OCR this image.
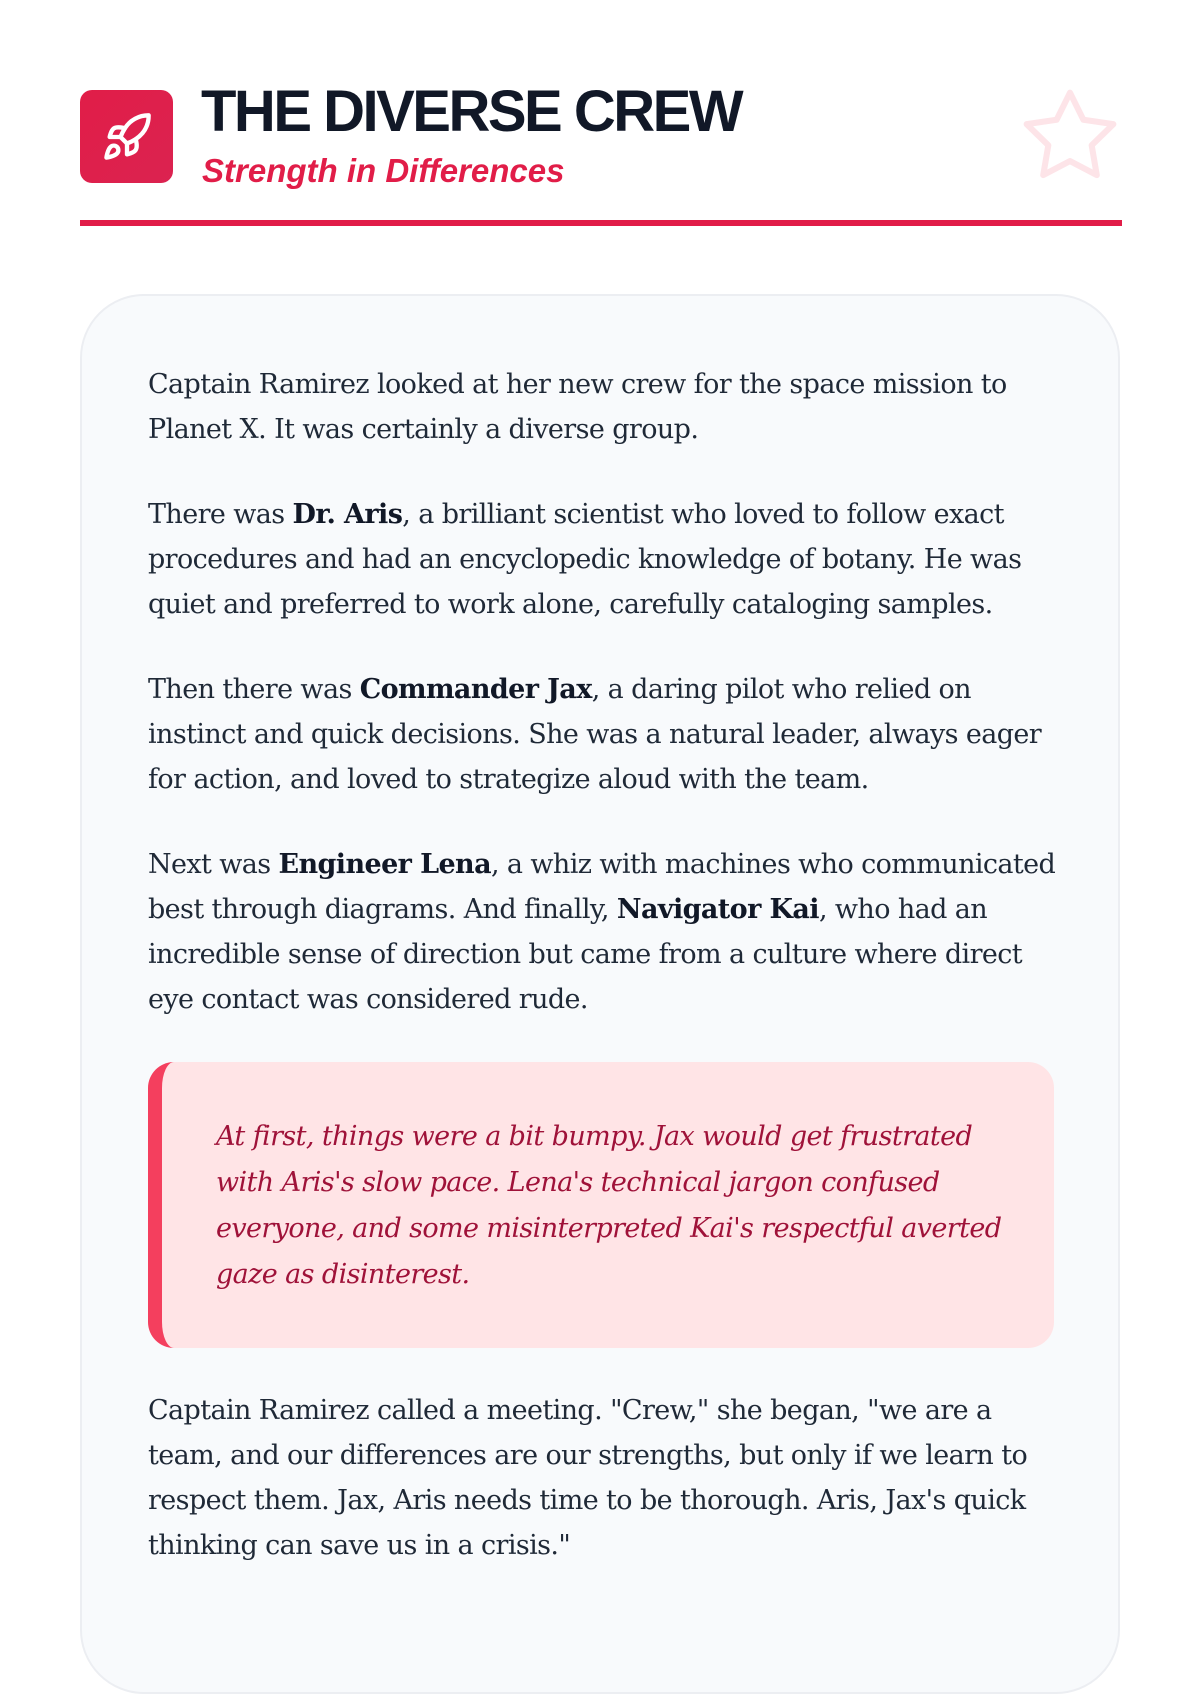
THE DIVERSE CREW
Strength in Differences

Captain Ramirez looked at her new crew for the space mission to Planet X. It was certainly a diverse group.

There was Dr. Aris, a brilliant scientist who loved to follow exact procedures and had an encyclopedic knowledge of botany. He was quiet and preferred to work alone, carefully cataloging samples.

Then there was Commander Jax, a daring pilot who relied on instinct and quick decisions. She was a natural leader, always eager for action, and loved to strategize aloud with the team.

Next was Engineer Lena, a whiz with machines who communicated best through diagrams. And finally, Navigator Kai, who had an incredible sense of direction but came from a culture where direct eye contact was considered rude.

At first, things were a bit bumpy. Jax would get frustrated with Aris's slow pace. Lena's technical jargon confused everyone, and some misinterpreted Kai's respectful averted gaze as disinterest.

Captain Ramirez called a meeting. "Crew," she began, "we are a team, and our differences are our strengths, but only if we learn to respect them. Jax, Aris needs time to be thorough. Aris, Jax's quick thinking can save us in a crisis."
